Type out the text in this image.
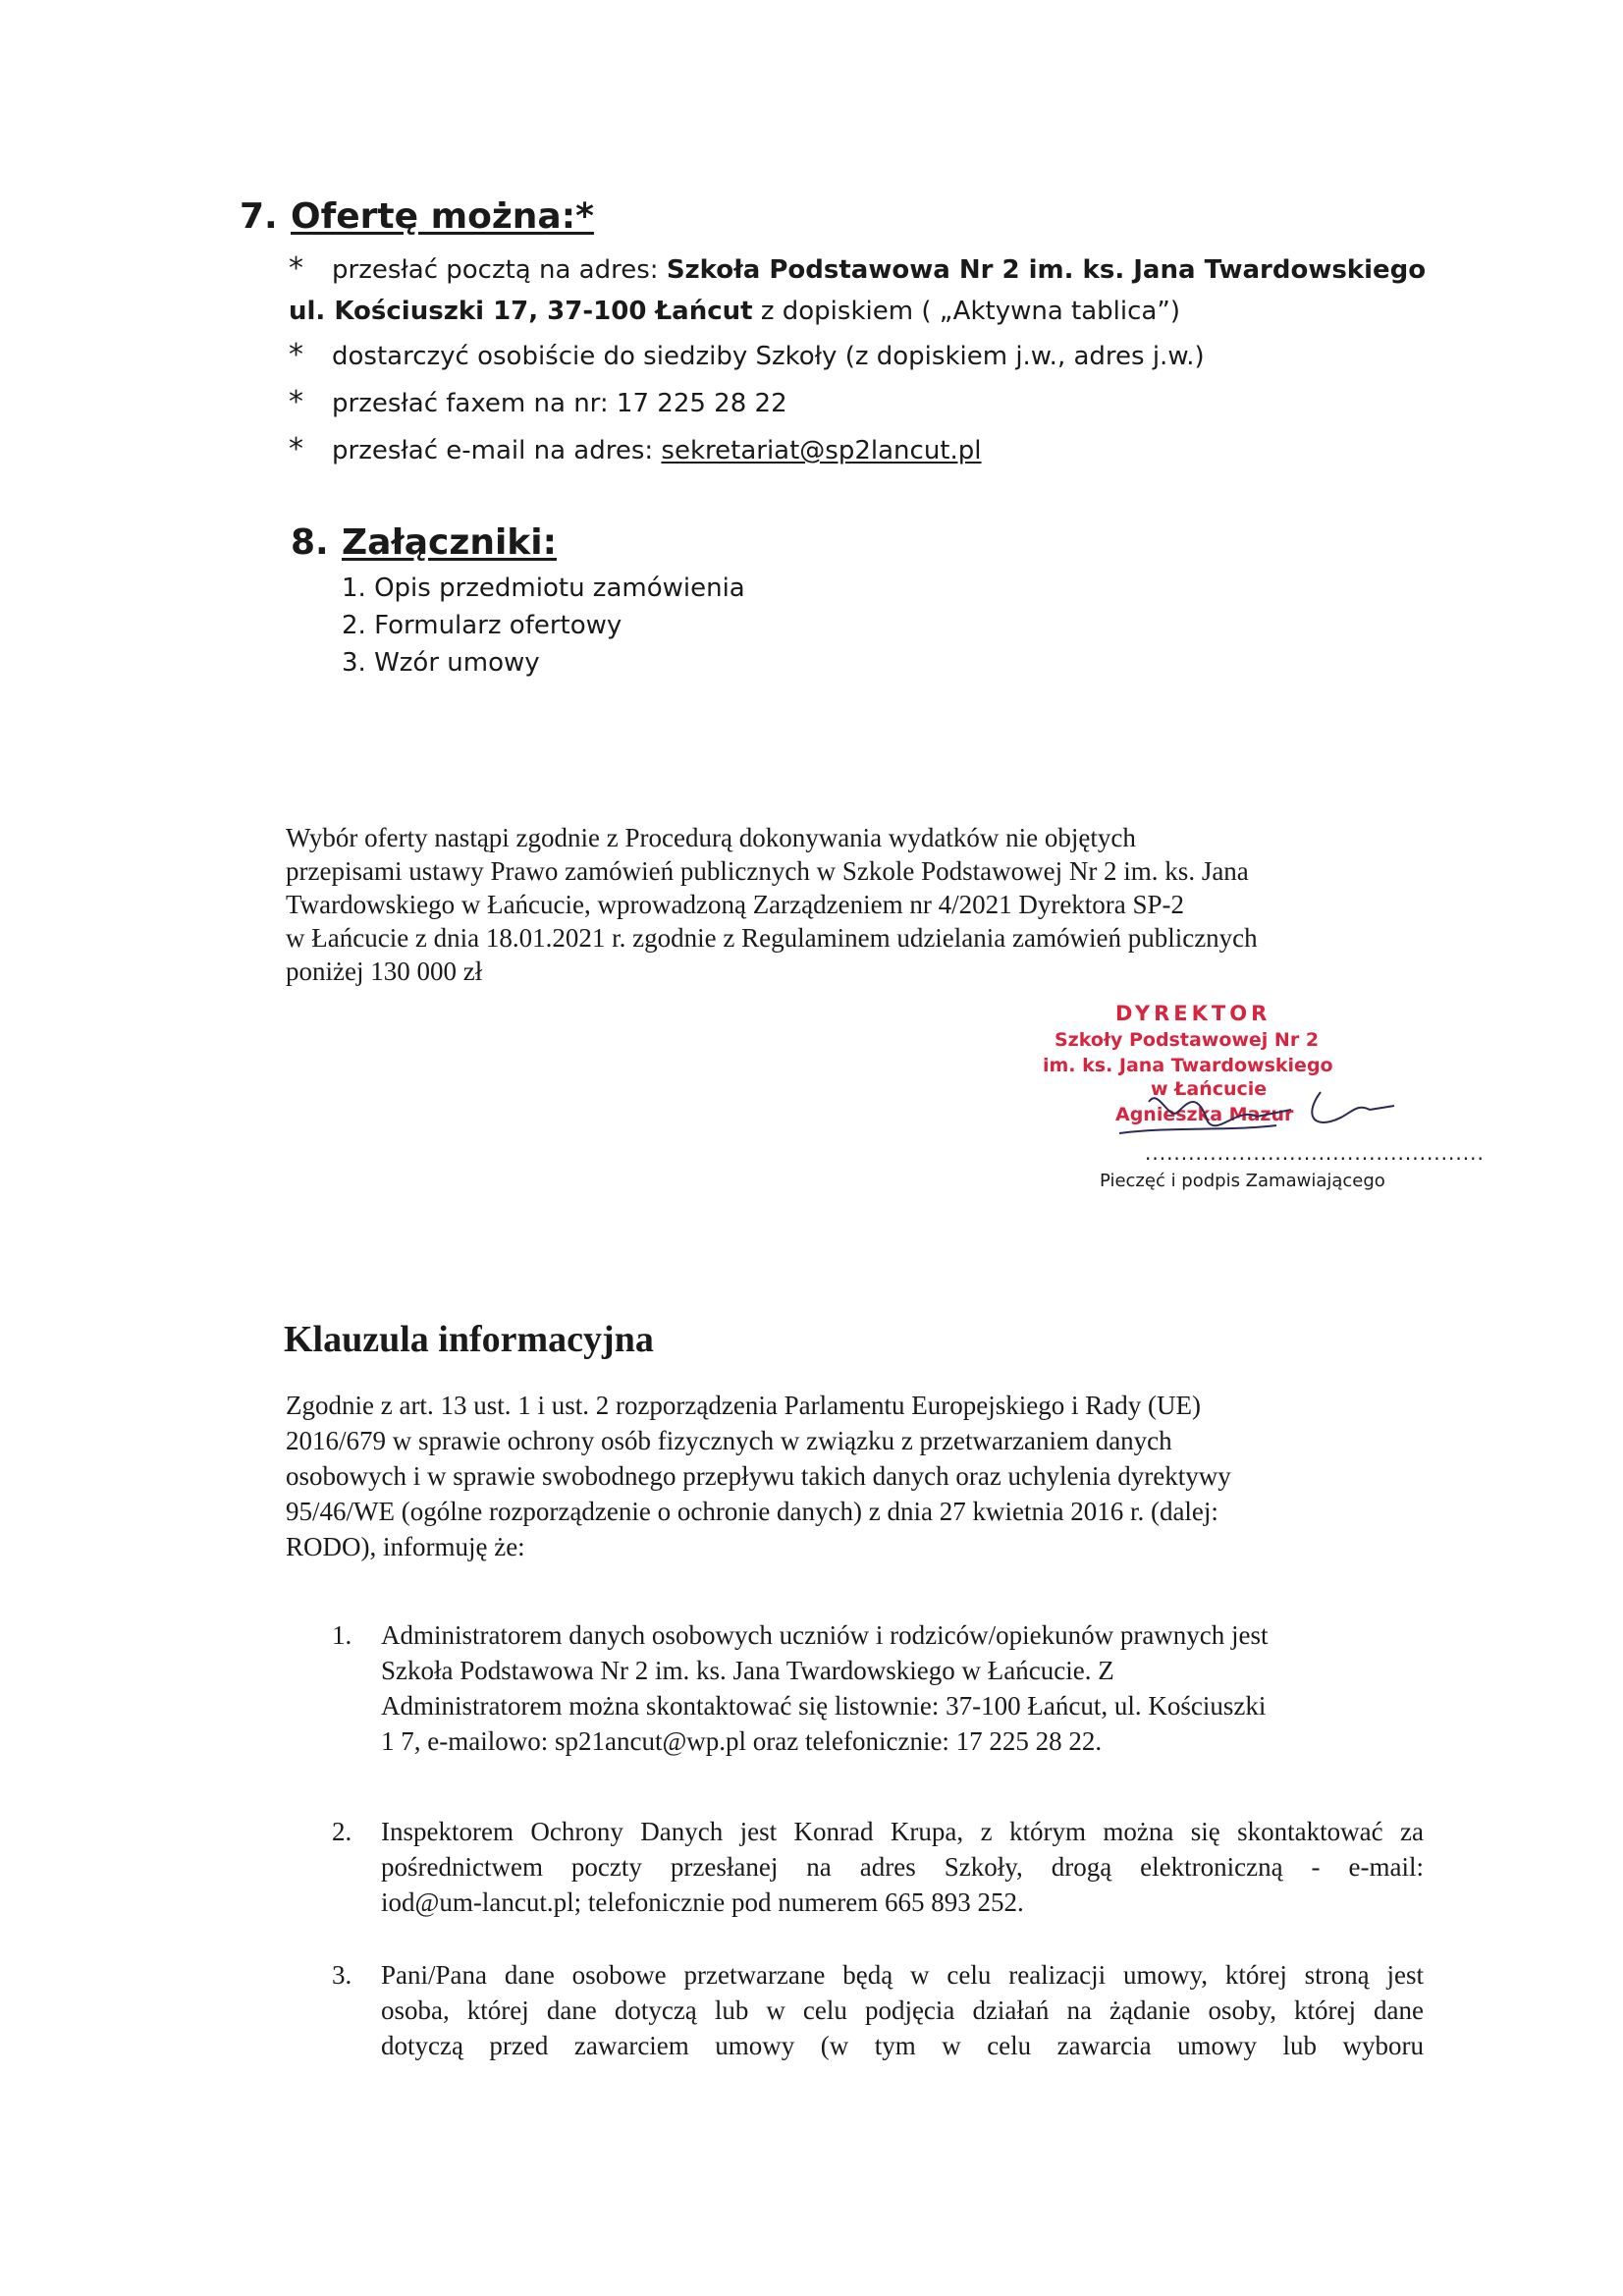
7. Ofertę można:*
* przesłać pocztą na adres: Szkoła Podstawowa Nr 2 im. ks. Jana Twardowskiego
ul. Kościuszki 17, 37-100 Łańcut z dopiskiem ( „Aktywna tablica”)
* dostarczyć osobiście do siedziby Szkoły (z dopiskiem j.w., adres j.w.)
* przesłać faxem na nr: 17 225 28 22
* przesłać e-mail na adres: sekretariat@sp2lancut.pl
8. Załączniki:
1. Opis przedmiotu zamówienia
2. Formularz ofertowy
3. Wzór umowy
Wybór oferty nastąpi zgodnie z Procedurą dokonywania wydatków nie objętych
przepisami ustawy Prawo zamówień publicznych w Szkole Podstawowej Nr 2 im. ks. Jana
Twardowskiego w Łańcucie, wprowadzoną Zarządzeniem nr 4/2021 Dyrektora SP-2
w Łańcucie z dnia 18.01.2021 r. zgodnie z Regulaminem udzielania zamówień publicznych
poniżej 130 000 zł
DYREKTOR
Szkoły Podstawowej Nr 2
im. ks. Jana Twardowskiego
w Łańcucie
Agnieszka Mazur
...............................................
Pieczęć i podpis Zamawiającego
Klauzula informacyjna
Zgodnie z art. 13 ust. 1 i ust. 2 rozporządzenia Parlamentu Europejskiego i Rady (UE)
2016/679 w sprawie ochrony osób fizycznych w związku z przetwarzaniem danych
osobowych i w sprawie swobodnego przepływu takich danych oraz uchylenia dyrektywy
95/46/WE (ogólne rozporządzenie o ochronie danych) z dnia 27 kwietnia 2016 r. (dalej:
RODO), informuję że:
1. Administratorem danych osobowych uczniów i rodziców/opiekunów prawnych jest
Szkoła Podstawowa Nr 2 im. ks. Jana Twardowskiego w Łańcucie. Z
Administratorem można skontaktować się listownie: 37-100 Łańcut, ul. Kościuszki
1 7, e-mailowo: sp21ancut@wp.pl oraz telefonicznie: 17 225 28 22.
2. Inspektorem Ochrony Danych jest Konrad Krupa, z którym można się skontaktować za
pośrednictwem poczty przesłanej na adres Szkoły, drogą elektroniczną - e-mail:
iod@um-lancut.pl; telefonicznie pod numerem 665 893 252.
3. Pani/Pana dane osobowe przetwarzane będą w celu realizacji umowy, której stroną jest
osoba, której dane dotyczą lub w celu podjęcia działań na żądanie osoby, której dane
dotyczą przed zawarciem umowy (w tym w celu zawarcia umowy lub wyboru
